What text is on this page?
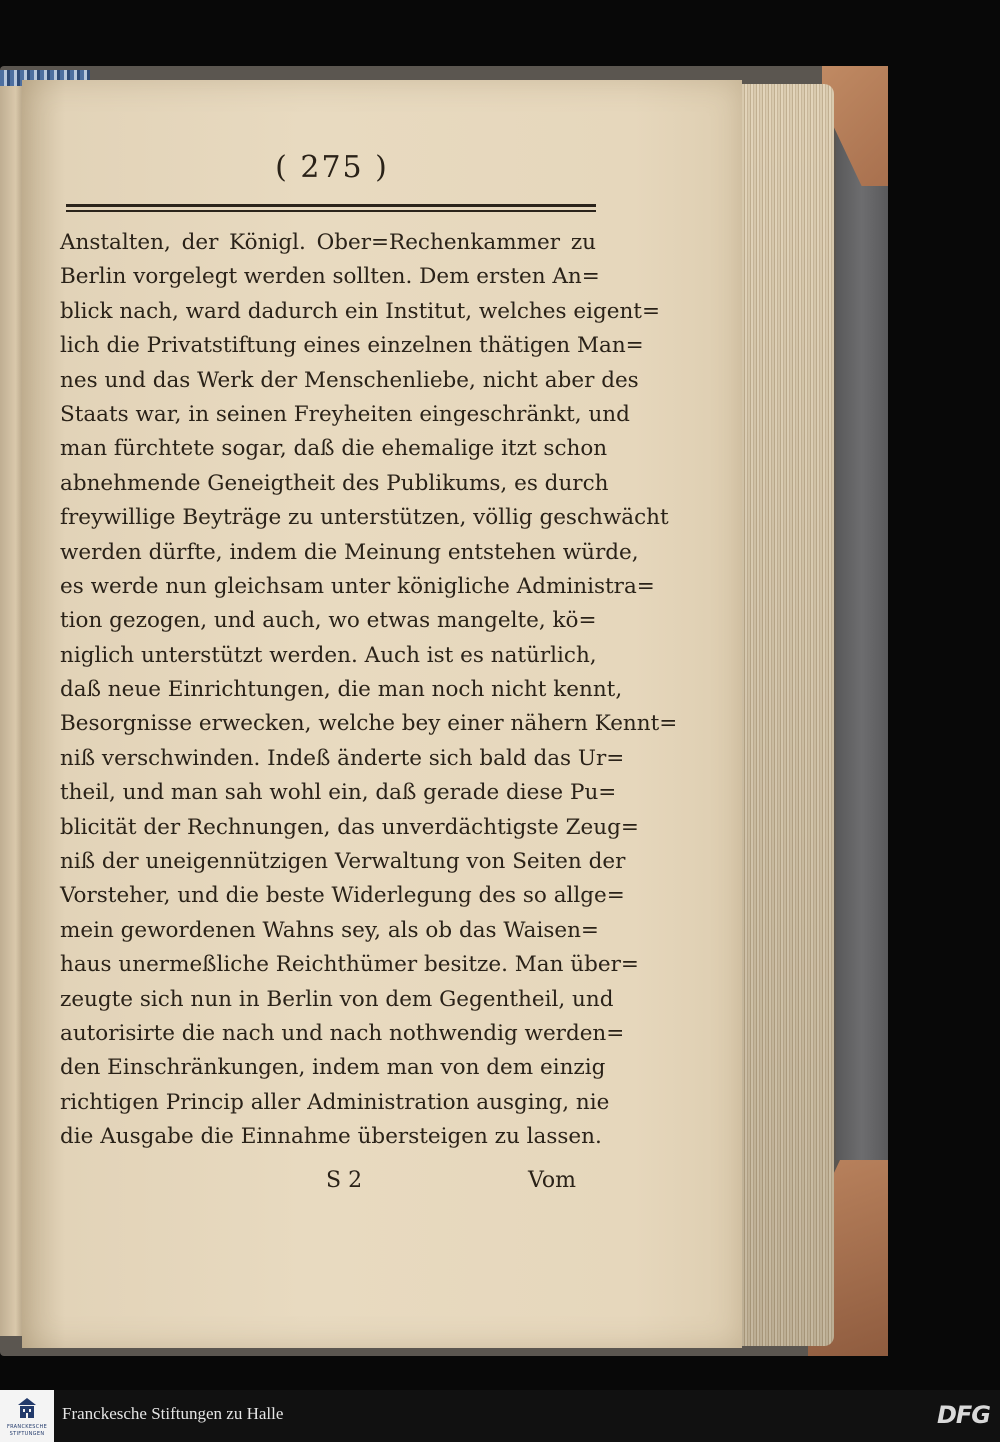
( 275 )
Anstalten, der Königl. Ober=Rechenkammer zu
Berlin vorgelegt werden sollten. Dem ersten An=
blick nach, ward dadurch ein Institut, welches eigent=
lich die Privatstiftung eines einzelnen thätigen Man=
nes und das Werk der Menschenliebe, nicht aber des
Staats war, in seinen Freyheiten eingeschränkt, und
man fürchtete sogar, daß die ehemalige itzt schon
abnehmende Geneigtheit des Publikums, es durch
freywillige Beyträge zu unterstützen, völlig geschwächt
werden dürfte, indem die Meinung entstehen würde,
es werde nun gleichsam unter königliche Administra=
tion gezogen, und auch, wo etwas mangelte, kö=
niglich unterstützt werden. Auch ist es natürlich,
daß neue Einrichtungen, die man noch nicht kennt,
Besorgnisse erwecken, welche bey einer nähern Kennt=
niß verschwinden. Indeß änderte sich bald das Ur=
theil, und man sah wohl ein, daß gerade diese Pu=
blicität der Rechnungen, das unverdächtigste Zeug=
niß der uneigennützigen Verwaltung von Seiten der
Vorsteher, und die beste Widerlegung des so allge=
mein gewordenen Wahns sey, als ob das Waisen=
haus unermeßliche Reichthümer besitze. Man über=
zeugte sich nun in Berlin von dem Gegentheil, und
autorisirte die nach und nach nothwendig werden=
den Einschränkungen, indem man von dem einzig
richtigen Princip aller Administration ausging, nie
die Ausgabe die Einnahme übersteigen zu lassen.
S 2	Vom
FRANCKESCHE
STIFTUNGEN
Franckesche Stiftungen zu Halle	DFG
